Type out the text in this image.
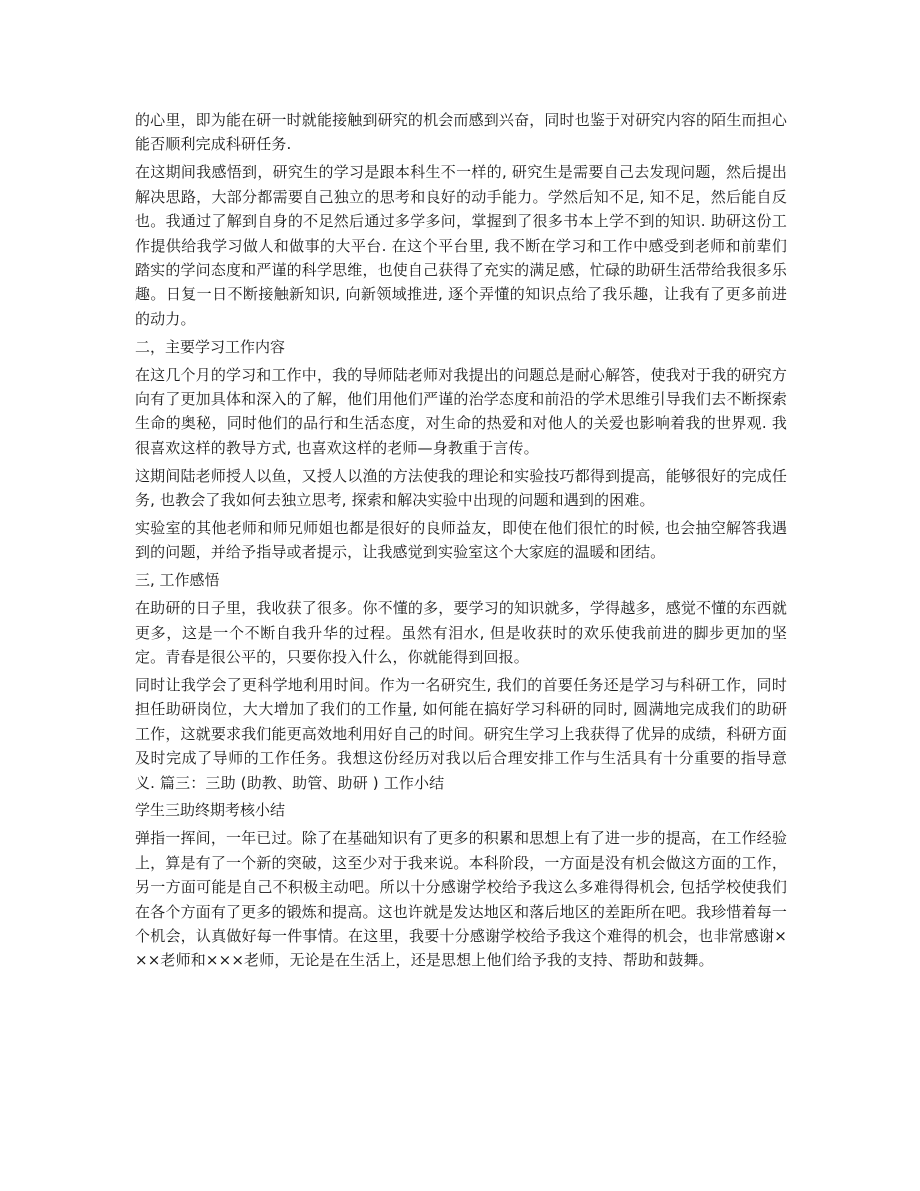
的心里，即为能在研一时就能接触到研究的机会而感到兴奋，同时也鉴于对研究内容的陌生而担心能否顺利完成科研任务.

在这期间我感悟到，研究生的学习是跟本科生不一样的, 研究生是需要自己去发现问题，然后提出解决思路，大部分都需要自己独立的思考和良好的动手能力。学然后知不足, 知不足，然后能自反也。我通过了解到自身的不足然后通过多学多问，掌握到了很多书本上学不到的知识. 助研这份工作提供给我学习做人和做事的大平台. 在这个平台里, 我不断在学习和工作中感受到老师和前辈们踏实的学问态度和严谨的科学思维，也使自己获得了充实的满足感，忙碌的助研生活带给我很多乐趣。日复一日不断接触新知识, 向新领域推进, 逐个弄懂的知识点给了我乐趣，让我有了更多前进的动力。

二，主要学习工作内容

在这几个月的学习和工作中，我的导师陆老师对我提出的问题总是耐心解答，使我对于我的研究方向有了更加具体和深入的了解，他们用他们严谨的治学态度和前沿的学术思维引导我们去不断探索生命的奥秘，同时他们的品行和生活态度，对生命的热爱和对他人的关爱也影响着我的世界观. 我很喜欢这样的教导方式, 也喜欢这样的老师—身教重于言传。

这期间陆老师授人以鱼，又授人以渔的方法使我的理论和实验技巧都得到提高，能够很好的完成任务, 也教会了我如何去独立思考, 探索和解决实验中出现的问题和遇到的困难。

实验室的其他老师和师兄师姐也都是很好的良师益友，即使在他们很忙的时候, 也会抽空解答我遇到的问题，并给予指导或者提示，让我感觉到实验室这个大家庭的温暖和团结。

三, 工作感悟

在助研的日子里，我收获了很多。你不懂的多，要学习的知识就多，学得越多，感觉不懂的东西就更多，这是一个不断自我升华的过程。虽然有泪水, 但是收获时的欢乐使我前进的脚步更加的坚定。青春是很公平的，只要你投入什么，你就能得到回报。

同时让我学会了更科学地利用时间。作为一名研究生, 我们的首要任务还是学习与科研工作，同时担任助研岗位，大大增加了我们的工作量, 如何能在搞好学习科研的同时, 圆满地完成我们的助研工作，这就要求我们能更高效地利用好自己的时间。研究生学习上我获得了优异的成绩，科研方面及时完成了导师的工作任务。我想这份经历对我以后合理安排工作与生活具有十分重要的指导意义. 篇三：三助 (助教、助管、助研 ) 工作小结

学生三助终期考核小结

弹指一挥间，一年已过。除了在基础知识有了更多的积累和思想上有了进一步的提高，在工作经验上，算是有了一个新的突破，这至少对于我来说。本科阶段，一方面是没有机会做这方面的工作，另一方面可能是自己不积极主动吧。所以十分感谢学校给予我这么多难得得机会, 包括学校使我们在各个方面有了更多的锻炼和提高。这也许就是发达地区和落后地区的差距所在吧。我珍惜着每一个机会，认真做好每一件事情。在这里，我要十分感谢学校给予我这个难得的机会，也非常感谢×××老师和×××老师，无论是在生活上，还是思想上他们给予我的支持、帮助和鼓舞。
